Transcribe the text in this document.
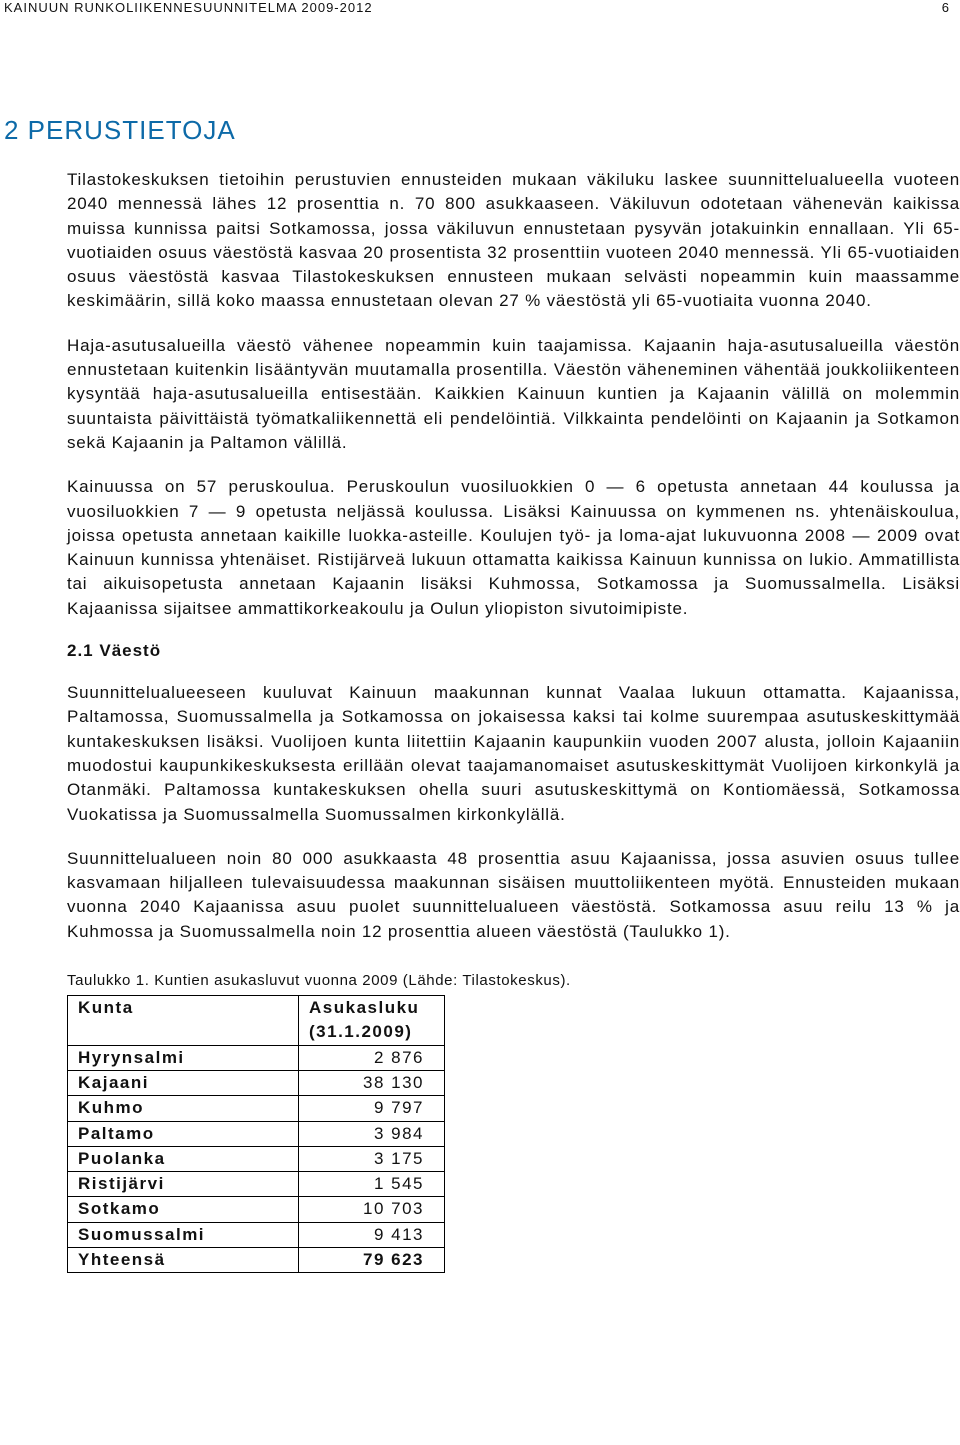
KAINUUN RUNKOLIIKENNESUUNNITELMA 2009-2012	6
2 PERUSTIETOJA

Tilastokeskuksen tietoihin perustuvien ennusteiden mukaan väkiluku laskee suunnittelualueella vuoteen 2040 mennessä lähes 12 prosenttia n. 70 800 asukkaaseen. Väkiluvun odotetaan vähenevän kaikissa muissa kunnissa paitsi Sotkamossa, jossa väkiluvun ennustetaan pysyvän jotakuinkin ennallaan. Yli 65-vuotiaiden osuus väestöstä kasvaa 20 prosentista 32 prosenttiin vuoteen 2040 mennessä. Yli 65-vuotiaiden osuus väestöstä kasvaa Tilastokeskuksen ennusteen mukaan selvästi nopeammin kuin maassamme keskimäärin, sillä koko maassa ennustetaan olevan 27 % väestöstä yli 65-vuotiaita vuonna 2040.

Haja-asutusalueilla väestö vähenee nopeammin kuin taajamissa. Kajaanin haja-asutusalueilla väestön ennustetaan kuitenkin lisääntyvän muutamalla prosentilla. Väestön väheneminen vähentää joukkoliikenteen kysyntää haja-asutusalueilla entisestään. Kaikkien Kainuun kuntien ja Kajaanin välillä on molemmin suuntaista päivittäistä työmatkaliikennettä eli pendelöintiä. Vilkkainta pendelöinti on Kajaanin ja Sotkamon sekä Kajaanin ja Paltamon välillä.

Kainuussa on 57 peruskoulua. Peruskoulun vuosiluokkien 0 — 6 opetusta annetaan 44 koulussa ja vuosiluokkien 7 — 9 opetusta neljässä koulussa. Lisäksi Kainuussa on kymmenen ns. yhtenäiskoulua, joissa opetusta annetaan kaikille luokka-asteille. Koulujen työ- ja loma-ajat lukuvuonna 2008 — 2009 ovat Kainuun kunnissa yhtenäiset. Ristijärveä lukuun ottamatta kaikissa Kainuun kunnissa on lukio. Ammatillista tai aikuisopetusta annetaan Kajaanin lisäksi Kuhmossa, Sotkamossa ja Suomussalmella. Lisäksi Kajaanissa sijaitsee ammattikorkeakoulu ja Oulun yliopiston sivutoimipiste.

2.1 Väestö

Suunnittelualueeseen kuuluvat Kainuun maakunnan kunnat Vaalaa lukuun ottamatta. Kajaanissa, Paltamossa, Suomussalmella ja Sotkamossa on jokaisessa kaksi tai kolme suurempaa asutuskeskittymää kuntakeskuksen lisäksi. Vuolijoen kunta liitettiin Kajaanin kaupunkiin vuoden 2007 alusta, jolloin Kajaaniin muodostui kaupunkikeskuksesta erillään olevat taajamanomaiset asutuskeskittymät Vuolijoen kirkonkylä ja Otanmäki. Paltamossa kuntakeskuksen ohella suuri asutuskeskittymä on Kontiomäessä, Sotkamossa Vuokatissa ja Suomussalmella Suomussalmen kirkonkylällä.

Suunnittelualueen noin 80 000 asukkaasta 48 prosenttia asuu Kajaanissa, jossa asuvien osuus tullee kasvamaan hiljalleen tulevaisuudessa maakunnan sisäisen muuttoliikenteen myötä. Ennusteiden mukaan vuonna 2040 Kajaanissa asuu puolet suunnittelualueen väestöstä. Sotkamossa asuu reilu 13 % ja Kuhmossa ja Suomussalmella noin 12 prosenttia alueen väestöstä (Taulukko 1).

Taulukko 1. Kuntien asukasluvut vuonna 2009 (Lähde: Tilastokeskus).
Kunta	Asukasluku (31.1.2009)
Hyrynsalmi	2 876
Kajaani	38 130
Kuhmo	9 797
Paltamo	3 984
Puolanka	3 175
Ristijärvi	1 545
Sotkamo	10 703
Suomussalmi	9 413
Yhteensä	79 623
